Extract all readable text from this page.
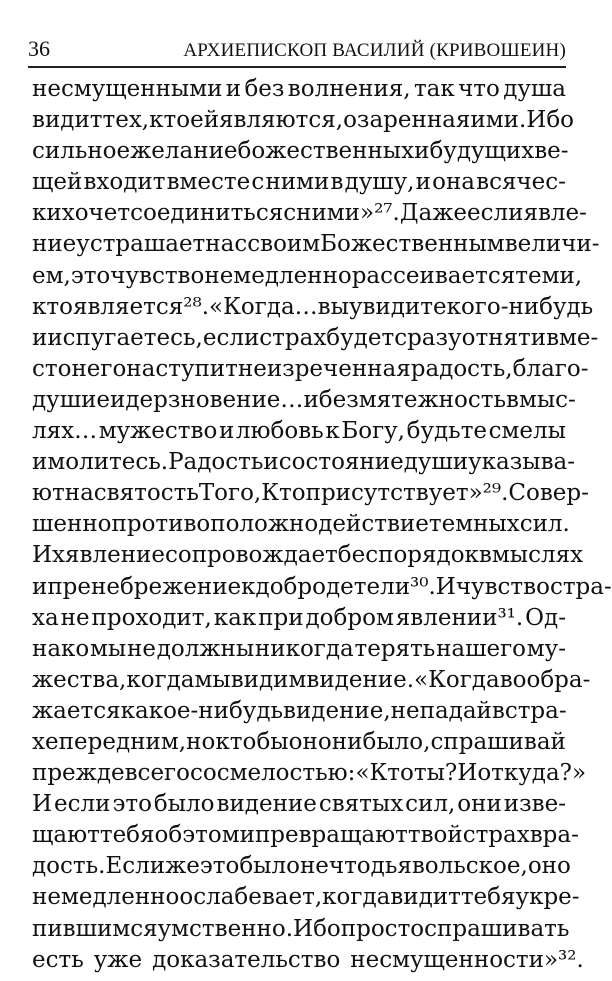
36	АРХИЕПИСКОП ВАСИЛИЙ (КРИВОШЕИН)
несмущенными и без волнения, так что душа
видит тех, кто ей являются, озаренная ими. Ибо
сильное желание божественных и будущих ве-
щей входит вместе с ними в душу, и она всячес-
ки хочет соединиться с ними»²⁷. Даже если явле-
ние устрашает нас своим Божественным величи-
ем, это чувство немедленно рассеивается теми,
кто является²⁸. «Когда… вы увидите кого-нибудь
и испугаетесь, если страх будет сразу отнят и вме-
сто него наступит неизреченная радость, благо-
душие и дерзновение… и безмятежность в мыс-
лях… мужество и любовь к Богу, будьте смелы
и молитесь. Радость и состояние души указыва-
ют на святость Того, Кто присутствует»²⁹. Совер-
шенно противоположно действие темных сил.
Их явление сопровождает беспорядок в мыслях
и пренебрежение к добродетели³⁰. И чувство стра-
ха не проходит, как при добром явлении³¹. Од-
нако мы не должны никогда терять нашего му-
жества, когда мы видим видение. «Когда вообра-
жается какое-нибудь видение, не падай в стра-
хе перед ним, но кто бы оно ни было, спрашивай
прежде всего со смелостью: «Кто ты? И откуда?»
И если это было видение святых сил, они изве-
щают тебя об этом и превращают твой страх в ра-
дость. Если же это было нечто дьявольское, оно
немедленно ослабевает, когда видит тебя укре-
пившимся умственно. Ибо просто спрашивать
есть уже доказательство несмущенности»³².
